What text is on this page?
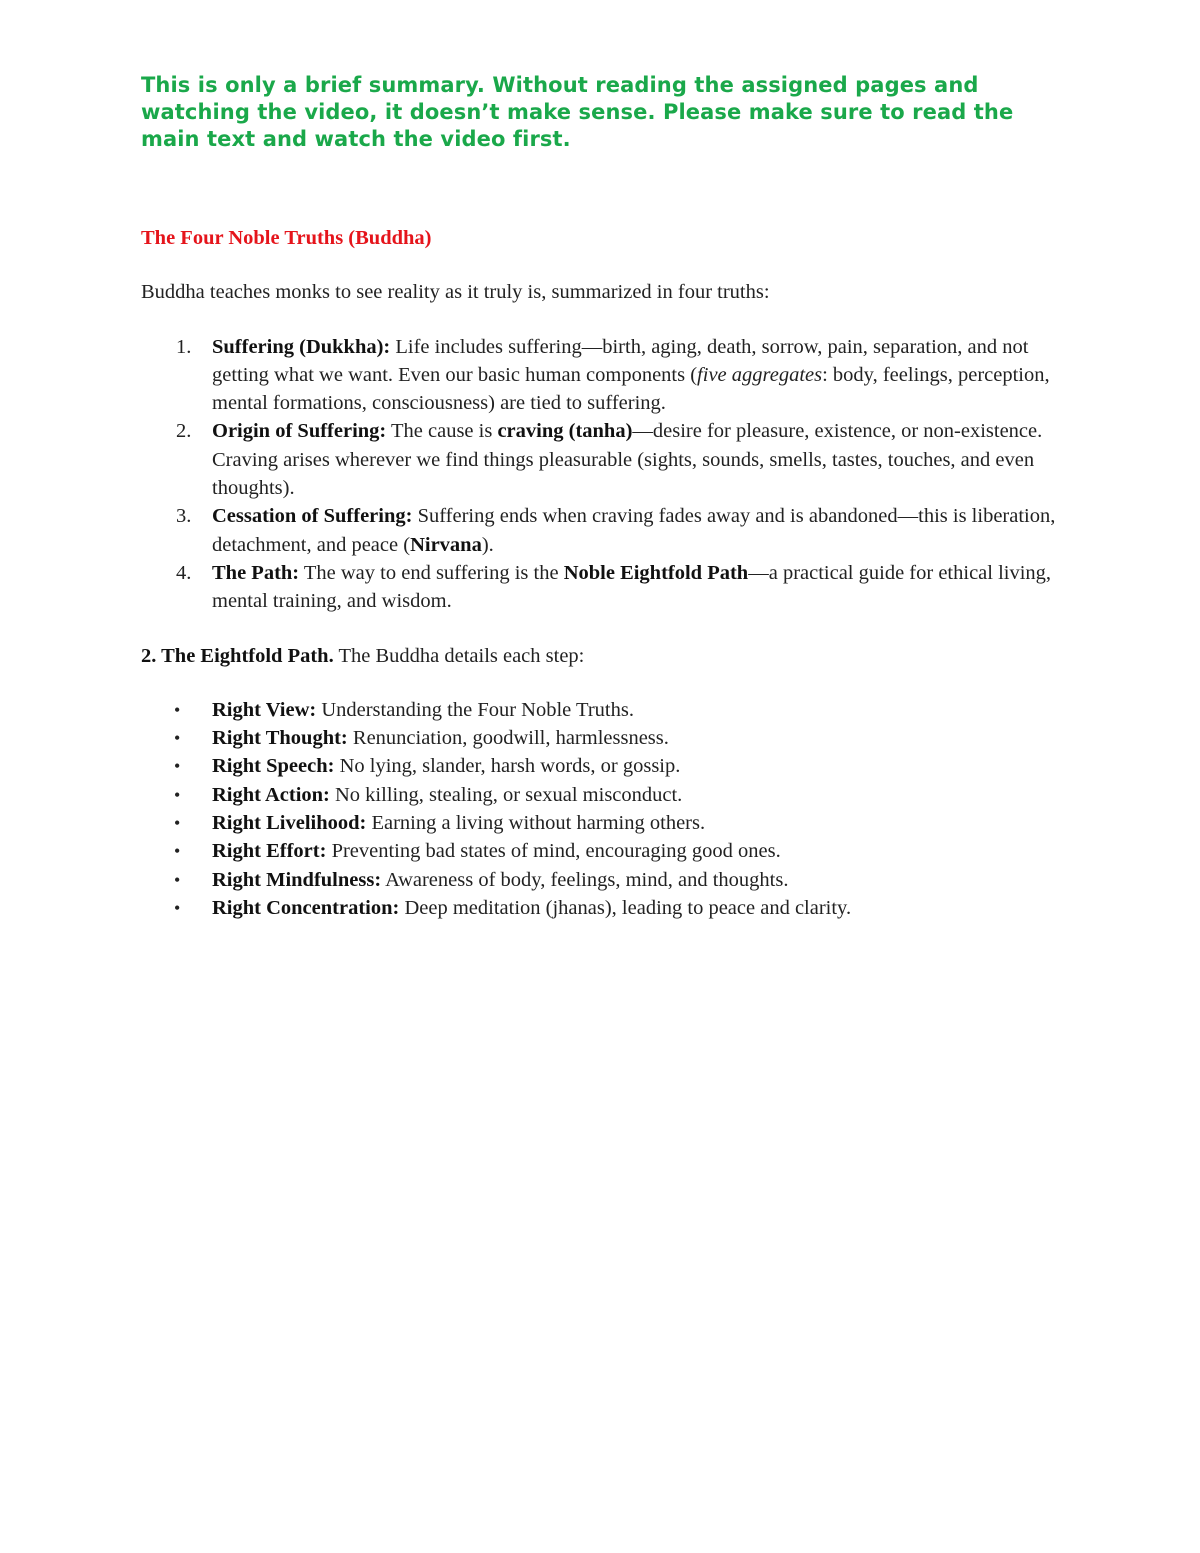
This is only a brief summary. Without reading the assigned pages and watching the video, it doesn’t make sense. Please make sure to read the main text and watch the video first.

The Four Noble Truths (Buddha)

Buddha teaches monks to see reality as it truly is, summarized in four truths:

1. Suffering (Dukkha): Life includes suffering—birth, aging, death, sorrow, pain, separation, and not getting what we want. Even our basic human components (five aggregates: body, feelings, perception, mental formations, consciousness) are tied to suffering.
2. Origin of Suffering: The cause is craving (tanha)—desire for pleasure, existence, or non-existence. Craving arises wherever we find things pleasurable (sights, sounds, smells, tastes, touches, and even thoughts).
3. Cessation of Suffering: Suffering ends when craving fades away and is abandoned—this is liberation, detachment, and peace (Nirvana).
4. The Path: The way to end suffering is the Noble Eightfold Path—a practical guide for ethical living, mental training, and wisdom.

2. The Eightfold Path. The Buddha details each step:

• Right View: Understanding the Four Noble Truths.
• Right Thought: Renunciation, goodwill, harmlessness.
• Right Speech: No lying, slander, harsh words, or gossip.
• Right Action: No killing, stealing, or sexual misconduct.
• Right Livelihood: Earning a living without harming others.
• Right Effort: Preventing bad states of mind, encouraging good ones.
• Right Mindfulness: Awareness of body, feelings, mind, and thoughts.
• Right Concentration: Deep meditation (jhanas), leading to peace and clarity.
